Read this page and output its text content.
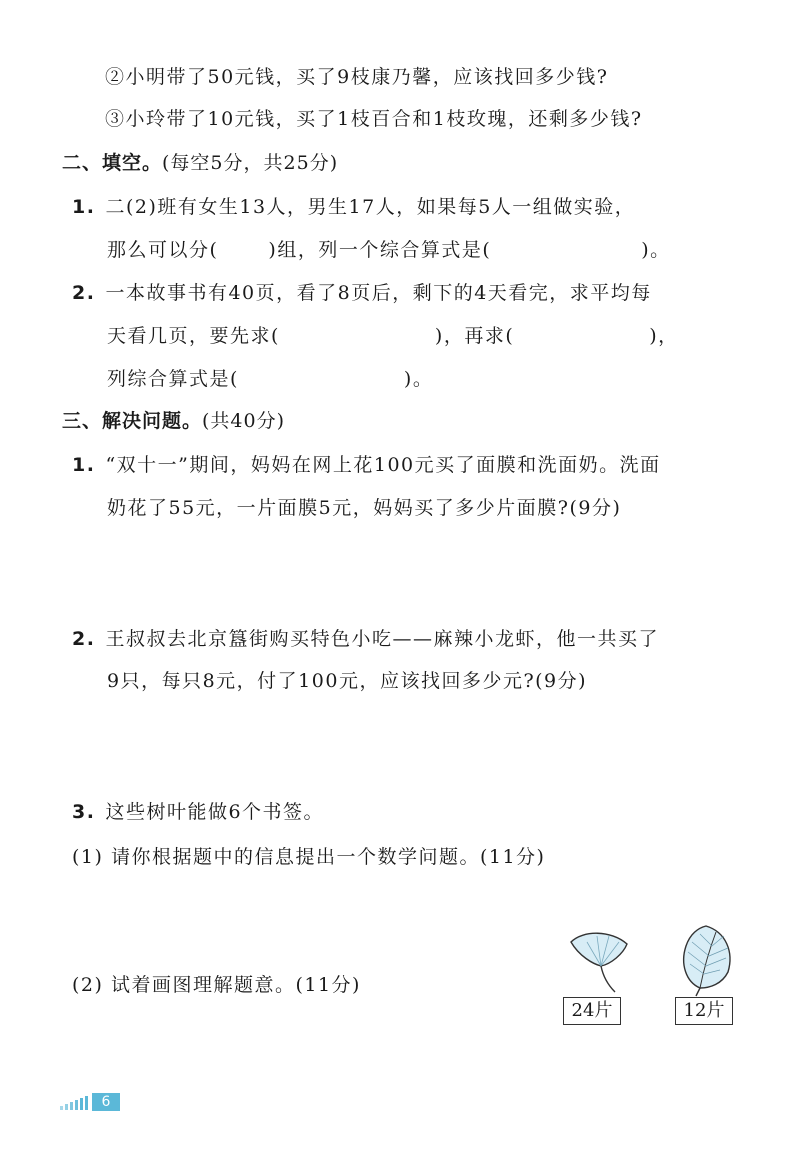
②小明带了50元钱，买了9枝康乃馨，应该找回多少钱?
③小玲带了10元钱，买了1枝百合和1枝玫瑰，还剩多少钱?
二、填空。(每空5分，共25分)
1. 二(2)班有女生13人，男生17人，如果每5人一组做实验，
那么可以分(	)组，列一个综合算式是(	)。
2. 一本故事书有40页，看了8页后，剩下的4天看完，求平均每
天看几页，要先求(	)，再求(	)，
列综合算式是(	)。
三、解决问题。(共40分)
1. “双十一”期间，妈妈在网上花100元买了面膜和洗面奶。洗面
奶花了55元，一片面膜5元，妈妈买了多少片面膜?(9分)
2. 王叔叔去北京簋街购买特色小吃——麻辣小龙虾，他一共买了
9只，每只8元，付了100元，应该找回多少元?(9分)
3. 这些树叶能做6个书签。
(1) 请你根据题中的信息提出一个数学问题。(11分)
(2) 试着画图理解题意。(11分)
24片	12片
6
